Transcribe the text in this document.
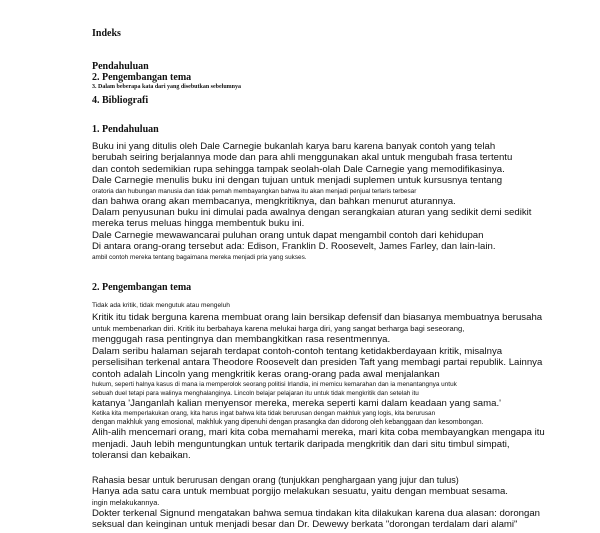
Indeks
Pendahuluan
2. Pengembangan tema
3. Dalam beberapa kata dari yang disebutkan sebelumnya
4. Bibliografi
1. Pendahuluan
Buku ini yang ditulis oleh Dale Carnegie bukanlah karya baru karena banyak contoh yang telah
berubah seiring berjalannya mode dan para ahli menggunakan akal untuk mengubah frasa tertentu
dan contoh sedemikian rupa sehingga tampak seolah-olah Dale Carnegie yang memodifikasinya.
Dale Carnegie menulis buku ini dengan tujuan untuk menjadi suplemen untuk kursusnya tentang
oratoria dan hubungan manusia dan tidak pernah membayangkan bahwa itu akan menjadi penjual terlaris terbesar
dan bahwa orang akan membacanya, mengkritiknya, dan bahkan menurut aturannya.
Dalam penyusunan buku ini dimulai pada awalnya dengan serangkaian aturan yang sedikit demi sedikit
mereka terus meluas hingga membentuk buku ini.
Dale Carnegie mewawancarai puluhan orang untuk dapat mengambil contoh dari kehidupan
Di antara orang-orang tersebut ada: Edison, Franklin D. Roosevelt, James Farley, dan lain-lain.
ambil contoh mereka tentang bagaimana mereka menjadi pria yang sukses.
2. Pengembangan tema
Tidak ada kritik, tidak mengutuk atau mengeluh
Kritik itu tidak berguna karena membuat orang lain bersikap defensif dan biasanya membuatnya berusaha
untuk membenarkan diri. Kritik itu berbahaya karena melukai harga diri, yang sangat berharga bagi seseorang,
menggugah rasa pentingnya dan membangkitkan rasa resentmennya.
Dalam seribu halaman sejarah terdapat contoh-contoh tentang ketidakberdayaan kritik, misalnya
perselisihan terkenal antara Theodore Roosevelt dan presiden Taft yang membagi partai republik. Lainnya
contoh adalah Lincoln yang mengkritik keras orang-orang pada awal menjalankan
hukum, seperti halnya kasus di mana ia memperolok seorang politisi Irlandia, ini memicu kemarahan dan ia menantangnya untuk
sebuah duel tetapi para walinya menghalanginya. Lincoln belajar pelajaran itu untuk tidak mengkritik dan setelah itu
katanya 'Janganlah kalian menyensor mereka, mereka seperti kami dalam keadaan yang sama.'
Ketika kita memperlakukan orang, kita harus ingat bahwa kita tidak berurusan dengan makhluk yang logis, kita berurusan
dengan makhluk yang emosional, makhluk yang dipenuhi dengan prasangka dan didorong oleh kebanggaan dan kesombongan.
Alih-alih mencemari orang, mari kita coba memahami mereka, mari kita coba membayangkan mengapa itu
menjadi. Jauh lebih menguntungkan untuk tertarik daripada mengkritik dan dari situ timbul simpati,
toleransi dan kebaikan.
Rahasia besar untuk berurusan dengan orang (tunjukkan penghargaan yang jujur dan tulus)
Hanya ada satu cara untuk membuat porgijo melakukan sesuatu, yaitu dengan membuat sesama.
ingin melakukannya.
Dokter terkenal Signund mengatakan bahwa semua tindakan kita dilakukan karena dua alasan: dorongan
seksual dan keinginan untuk menjadi besar dan Dr. Dewewy berkata "dorongan terdalam dari alami"
